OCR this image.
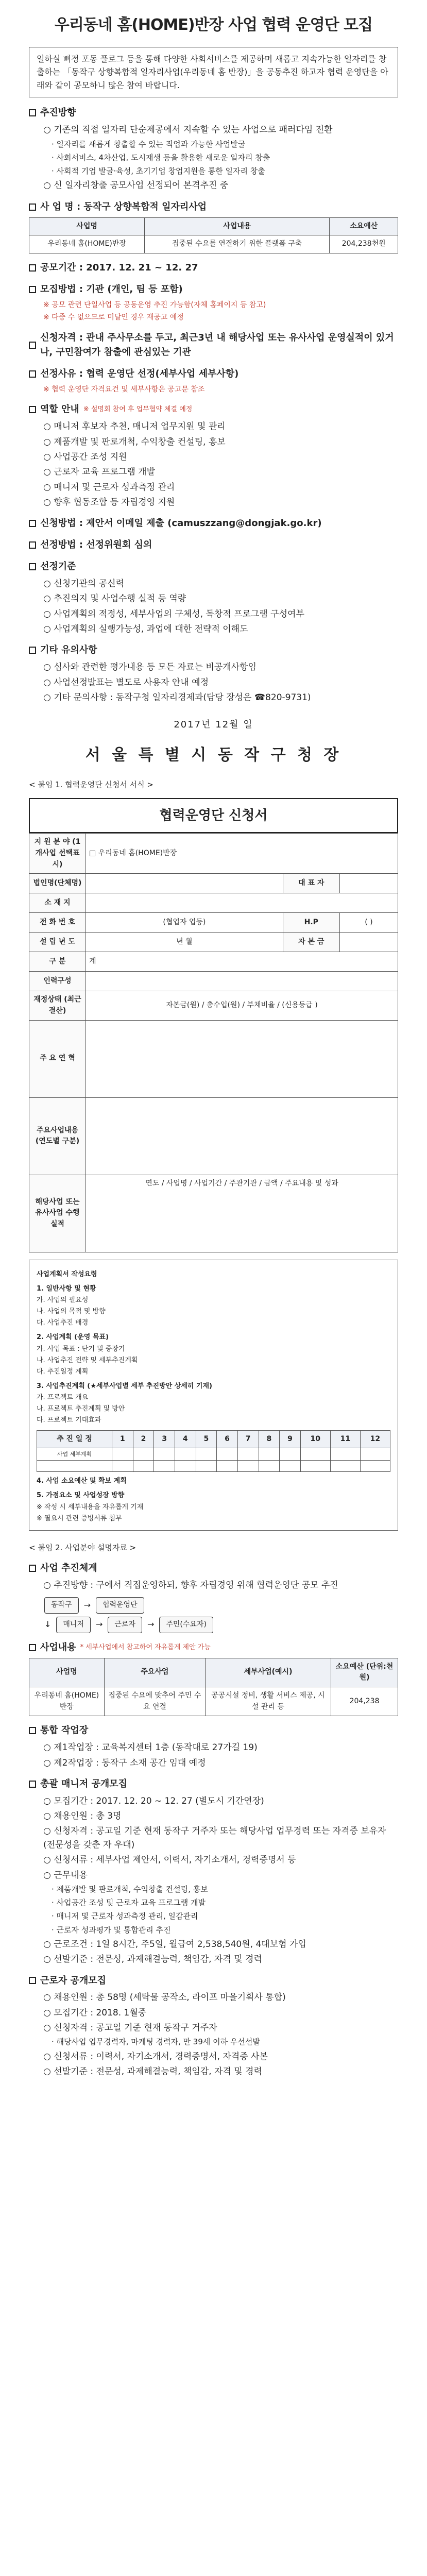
우리동네 홈(HOME)반장 사업 협력 운영단 모집
일하실 뻐정 포동 플로그 등을 통해 다양한 사회서비스를 제공하며 새롭고 지속가능한 일자리를 창출하는 「동작구 상향복합적 일자리사업(우리동네 홈 반장)」을 공동추진 하고자 협력 운영단을 아래와 같이 공모하니 많은 참여 바랍니다.
추진방향
○ 기존의 직접 일자리 단순제공에서 지속할 수 있는 사업으로 패러다임 전환
· 일자리를 새롭게 창출할 수 있는 직업과 가능한 사업발굴
· 사회서비스, 4차산업, 도시재생 등을 활용한 새로운 일자리 창출
· 사회적 기업 발굴·육성, 초기기업 창업지원을 통한 일자리 창출
○ 신 일자리창출 공모사업 선정되어 본격추진 중
사 업 명 : 동작구 상향복합적 일자리사업
사업명	사업내용	소요예산
우리동네 홈(HOME)반장	집중된 수요를 연결하기 위한 플랫폼 구축	204,238천원
공모기간 : 2017. 12. 21 ~ 12. 27
모집방법 : 기관 (개인, 팀 등 포함)
※ 공모 관련 단일사업 등 공동운영 추진 가능함(자체 홈페이지 등 참고)
※ 다중 수 없으므로 미달인 경우 재공고 예정
신청자격 : 관내 주사무소를 두고, 최근3년 내 해당사업 또는 유사사업 운영실적이 있거나, 구민참여가 참출에 관심있는 기관
선정사유 : 협력 운영단 선정(세부사업 세부사항)
※ 협력 운영단 자격요건 및 세부사항은 공고문 참조
역할 안내 ※ 설명회 참여 후 업무협약 체결 예정
○ 매니저 후보자 추천, 매니저 업무지원 및 관리
○ 제품개발 및 판로개척, 수익창출 컨설팅, 홍보
○ 사업공간 조성 지원
○ 근로자 교육 프로그램 개발
○ 매니저 및 근로자 성과측정 관리
○ 향후 협동조합 등 자립경영 지원
신청방법 : 제안서 이메일 제출 (camuszzang@dongjak.go.kr)
선정방법 : 선정위원회 심의
선정기준
○ 신청기관의 공신력
○ 추진의지 및 사업수행 실적 등 역량
○ 사업계획의 적정성, 세부사업의 구체성, 독창적 프로그램 구성여부
○ 사업계획의 실행가능성, 과업에 대한 전략적 이해도
기타 유의사항
○ 심사와 관련한 평가내용 등 모든 자료는 비공개사항임
○ 사업선정발표는 별도로 사용자 안내 예정
○ 기타 문의사항 : 동작구청 일자리경제과(담당 장성은 ☎820-9731)
2017년 12월 일
서 울 특 별 시 동 작 구 청 장
< 붙임 1. 협력운영단 신청서 서식 >
협력운영단 신청서
지 원 분 야 (1개사업 선택표시)	□ 우리동네 홈(HOME)반장		
법인명(단체명)		대 표 자	
소 재 지			
전 화 번 호	(협업자 업등)	H.P	( )
설 립 년 도	년 월	자 본 금	
구 분	계		
인력구성			
재정상태 (최근 결산)	자본금(원) / 총수입(원) / 부채비율 / (신용등급 )		
주 요 연 혁			
주요사업내용 (연도별 구분)			
해당사업 또는 유사사업 수행실적	연도 / 사업명 / 사업기간 / 주관기관 / 금액 / 주요내용 및 성과		

사업계획서 작성요령

1. 일반사항 및 현황

가. 사업의 필요성

나. 사업의 목적 및 방향

다. 사업추진 배경

2. 사업계획 (운영 목표)

가. 사업 목표 : 단기 및 중장기

나. 사업추진 전략 및 세부추진계획

다. 추진일정 계획

3. 사업추진계획 (★세부사업별 세부 추진방안 상세히 기재)

가. 프로젝트 개요

나. 프로젝트 추진계획 및 방안

다. 프로젝트 기대효과

추 진 일 정	1	2	3	4	5	6	7	8	9	10	11	12
사업 세부계획												

4. 사업 소요예산 및 확보 계획

5. 가점요소 및 사업성장 방향

※ 작성 시 세부내용을 자유롭게 기재

※ 필요시 관련 증빙서류 첨부

< 붙임 2. 사업분야 설명자료 >
사업 추진체계
○ 추진방향 : 구에서 직접운영하되, 향후 자립경영 위해 협력운영단 공모 추진
동작구	→	협력운영단
↓	매니저	→	근로자	→	주민(수요자)
사업내용 * 세부사업에서 참고하여 자유롭게 제안 가능
사업명	주요사업	세부사업(예시)	소요예산 (단위:천원)
우리동네 홈(HOME)반장	집중된 수요에 맞추어 주민 수요 연결	공공시설 정비, 생활 서비스 제공, 시설 관리 등	204,238
통합 작업장
○ 제1작업장 : 교육복지센터 1층 (동작대로 27가길 19)
○ 제2작업장 : 동작구 소재 공간 임대 예정
총괄 매니저 공개모집
○ 모집기간 : 2017. 12. 20 ~ 12. 27 (별도시 기간연장)
○ 채용인원 : 총 3명
○ 신청자격 : 공고일 기준 현재 동작구 거주자 또는 해당사업 업무경력 또는 자격증 보유자 (전문성을 갖춘 자 우대)
○ 신청서류 : 세부사업 제안서, 이력서, 자기소개서, 경력증명서 등
○ 근무내용
· 제품개발 및 판로개척, 수익창출 컨설팅, 홍보
· 사업공간 조성 및 근로자 교육 프로그램 개발
· 매니저 및 근로자 성과측정 관리, 일감관리
· 근로자 성과평가 및 통합관리 추진
○ 근로조건 : 1일 8시간, 주5일, 월급여 2,538,540원, 4대보험 가입
○ 선발기준 : 전문성, 과제해결능력, 책임감, 자격 및 경력
근로자 공개모집
○ 채용인원 : 총 58명 (세탁물 공작소, 라이프 마을기획사 통합)
○ 모집기간 : 2018. 1월중
○ 신청자격 : 공고일 기준 현재 동작구 거주자
· 해당사업 업무경력자, 마케팅 경력자, 만 39세 이하 우선선발
○ 신청서류 : 이력서, 자기소개서, 경력증명서, 자격증 사본
○ 선발기준 : 전문성, 과제해결능력, 책임감, 자격 및 경력
